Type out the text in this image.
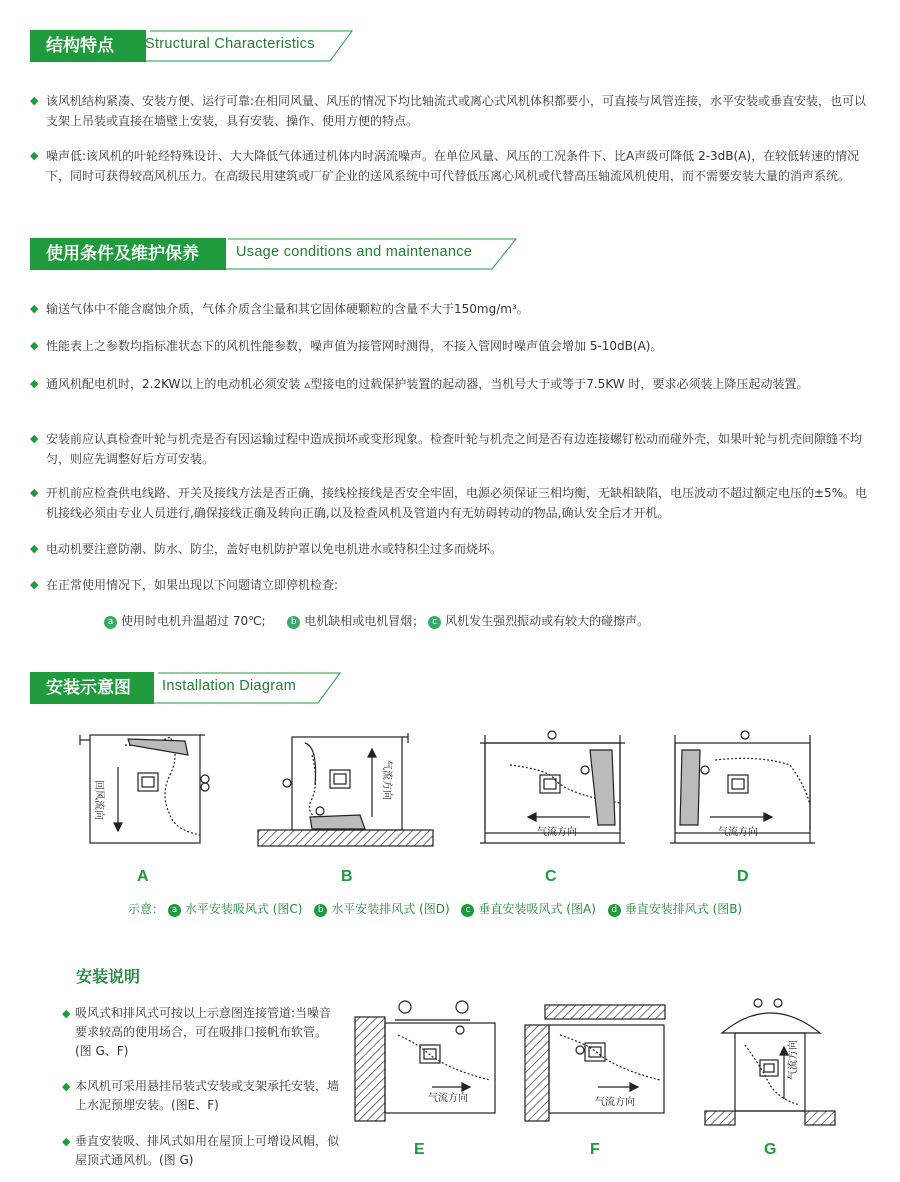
结构特点	Structural Characteristics
◆ 该风机结构紧凑、安装方便、运行可靠:在相同风量、风压的情况下均比轴流式或离心式风机体积都要小，可直接与风管连接，水平安装或垂直安装，也可以支架上吊装或直接在墙壁上安装，具有安装、操作、使用方便的特点。
◆ 噪声低:该风机的叶轮经特殊设计、大大降低气体通过机体内时涡流噪声。在单位风量、风压的工况条件下、比A声级可降低 2-3dB(A)，在较低转速的情况下，同时可获得较高风机压力。在高级民用建筑或厂矿企业的送风系统中可代替低压离心风机或代替高压轴流风机使用，而不需要安装大量的消声系统。
使用条件及维护保养	Usage conditions and maintenance
◆ 输送气体中不能含腐蚀介质，气体介质含尘量和其它固体硬颗粒的含量不大于150mg/m³。
◆ 性能表上之参数均指标准状态下的风机性能参数，噪声值为接管网时测得，不接入管网时噪声值会增加 5-10dB(A)。
◆ 通风机配电机时，2.2KW以上的电动机必须安装 ▵型接电的过载保护装置的起动器，当机号大于或等于7.5KW 时，要求必须装上降压起动装置。
◆ 安装前应认真检查叶轮与机壳是否有因运输过程中造成损坏或变形现象。检查叶轮与机壳之间是否有边连接螺钉松动而碰外壳，如果叶轮与机壳间隙缝不均匀，则应先调整好后方可安装。
◆ 开机前应检查供电线路、开关及接线方法是否正确，接线栓接线是否安全牢固，电源必须保证三相均衡，无缺相缺陷，电压波动不超过额定电压的±5%。电机接线必须由专业人员进行,确保接线正确及转向正确,以及检查风机及管道内有无妨碍转动的物品,确认安全后才开机。
◆ 电动机要注意防潮、防水、防尘，盖好电机防护罩以免电机进水或特积尘过多而烧坏。
◆ 在正常使用情况下，如果出现以下问题请立即停机检查:
a 使用时电机升温超过 70℃;	b 电机缺相或电机冒烟； c 风机发生强烈振动或有较大的碰擦声。
安装示意图	Installation Diagram
回风流向	气流方向
气流方向	气流方向
A	B	C	D
示意： a 水平安装吸风式 (图C) b 水平安装排风式 (图D) c 垂直安装吸风式 (图A) d 垂直安装排风式 (图B)
安装说明
◆ 吸风式和排风式可按以上示意图连接管道:当噪音要求较高的使用场合，可在吸排口接帆布软管。(图 G、F)
◆ 本风机可采用悬挂吊装式安装或支架承托安装，墙上水泥预埋安装。(图E、F)
◆ 垂直安装吸、排风式如用在屋顶上可增设风帽，似屋顶式通风机。(图 G)
气流方向	气流方向
气流方向
E	F	G
